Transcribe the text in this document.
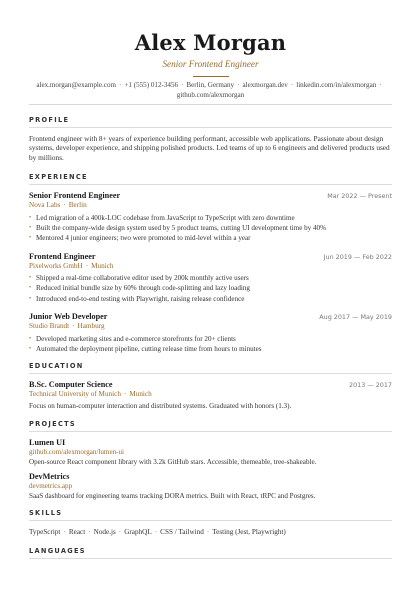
Alex Morgan
Senior Frontend Engineer
alex.morgan@example.com · +1 (555) 012-3456 · Berlin, Germany · alexmorgan.dev · linkedin.com/in/alexmorgan ·
github.com/alexmorgan
PROFILE

Frontend engineer with 8+ years of experience building performant, accessible web applications. Passionate about design systems, developer experience, and shipping polished products. Led teams of up to 6 engineers and delivered products used by millions.

EXPERIENCE
Senior Frontend Engineer	Mar 2022 — Present
Nova Labs · Berlin
• Led migration of a 400k-LOC codebase from JavaScript to TypeScript with zero downtime
• Built the company-wide design system used by 5 product teams, cutting UI development time by 40%
• Mentored 4 junior engineers; two were promoted to mid-level within a year
Frontend Engineer	Jun 2019 — Feb 2022
Pixelworks GmbH · Munich
• Shipped a real-time collaborative editor used by 200k monthly active users
• Reduced initial bundle size by 60% through code-splitting and lazy loading
• Introduced end-to-end testing with Playwright, raising release confidence
Junior Web Developer	Aug 2017 — May 2019
Studio Brandt · Hamburg
• Developed marketing sites and e-commerce storefronts for 20+ clients
• Automated the deployment pipeline, cutting release time from hours to minutes
EDUCATION
B.Sc. Computer Science	2013 — 2017
Technical University of Munich · Munich
Focus on human-computer interaction and distributed systems. Graduated with honors (1.3).
PROJECTS
Lumen UI
github.com/alexmorgan/lumen-ui
Open-source React component library with 3.2k GitHub stars. Accessible, themeable, tree-shakeable.
DevMetrics
devmetrics.app
SaaS dashboard for engineering teams tracking DORA metrics. Built with React, tRPC and Postgres.
SKILLS
TypeScript · React · Node.js · GraphQL · CSS / Tailwind · Testing (Jest, Playwright)
LANGUAGES
